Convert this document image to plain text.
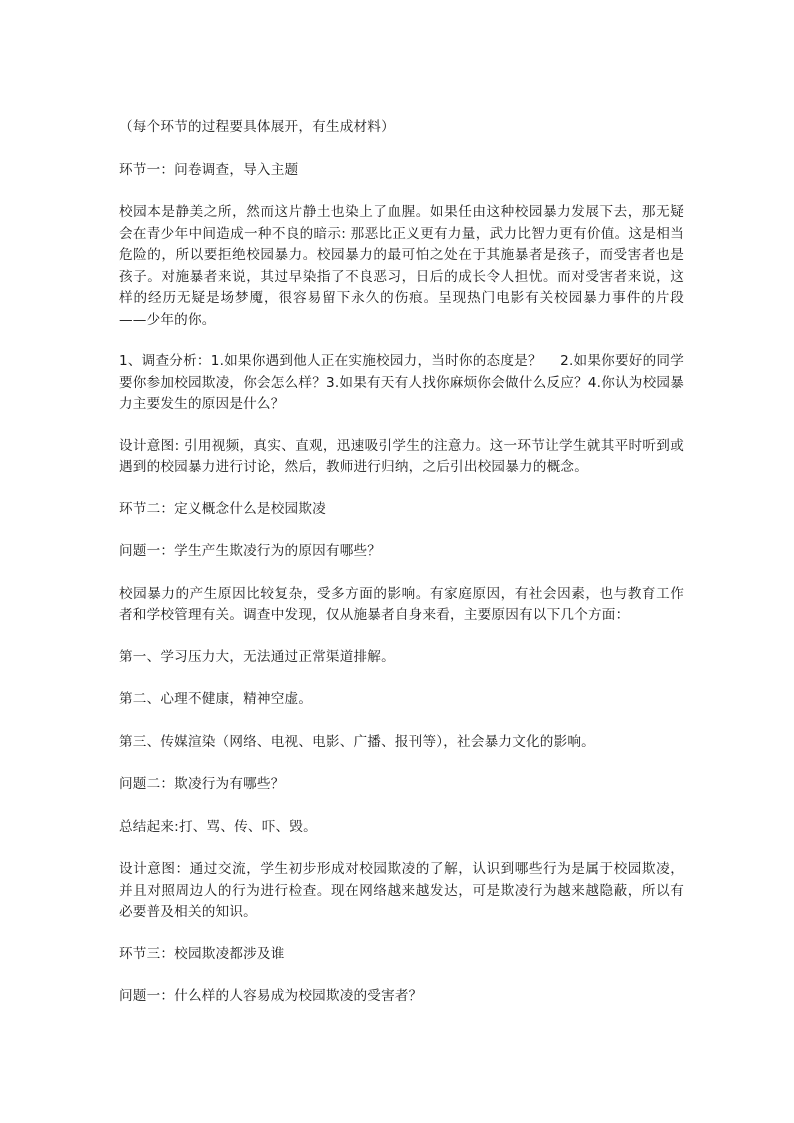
（每个环节的过程要具体展开，有生成材料）

环节一：问卷调查，导入主题

校园本是静美之所，然而这片静土也染上了血腥。如果任由这种校园暴力发展下去，那无疑会在青少年中间造成一种不良的暗示: 那恶比正义更有力量，武力比智力更有价值。这是相当危险的，所以要拒绝校园暴力。校园暴力的最可怕之处在于其施暴者是孩子，而受害者也是孩子。对施暴者来说，其过早染指了不良恶习，日后的成长令人担忧。而对受害者来说，这样的经历无疑是场梦魇，很容易留下永久的伤痕。呈现热门电影有关校园暴力事件的片段——少年的你。

1、调查分析：1.如果你遇到他人正在实施校园力，当时你的态度是？　 2.如果你要好的同学要你参加校园欺凌，你会怎么样？3.如果有天有人找你麻烦你会做什么反应？4.你认为校园暴力主要发生的原因是什么？

设计意图: 引用视频，真实、直观，迅速吸引学生的注意力。这一环节让学生就其平时听到或遇到的校园暴力进行讨论，然后，教师进行归纳，之后引出校园暴力的概念。

环节二：定义概念什么是校园欺凌

问题一：学生产生欺凌行为的原因有哪些？

校园暴力的产生原因比较复杂，受多方面的影响。有家庭原因，有社会因素，也与教育工作者和学校管理有关。调查中发现，仅从施暴者自身来看，主要原因有以下几个方面：

第一、学习压力大，无法通过正常渠道排解。

第二、心理不健康，精神空虚。

第三、传媒渲染（网络、电视、电影、广播、报刊等），社会暴力文化的影响。

问题二：欺凌行为有哪些？

总结起来:打、骂、传、吓、毁。

设计意图：通过交流，学生初步形成对校园欺凌的了解，认识到哪些行为是属于校园欺凌，并且对照周边人的行为进行检查。现在网络越来越发达，可是欺凌行为越来越隐蔽，所以有必要普及相关的知识。

环节三：校园欺凌都涉及谁

问题一：什么样的人容易成为校园欺凌的受害者？
